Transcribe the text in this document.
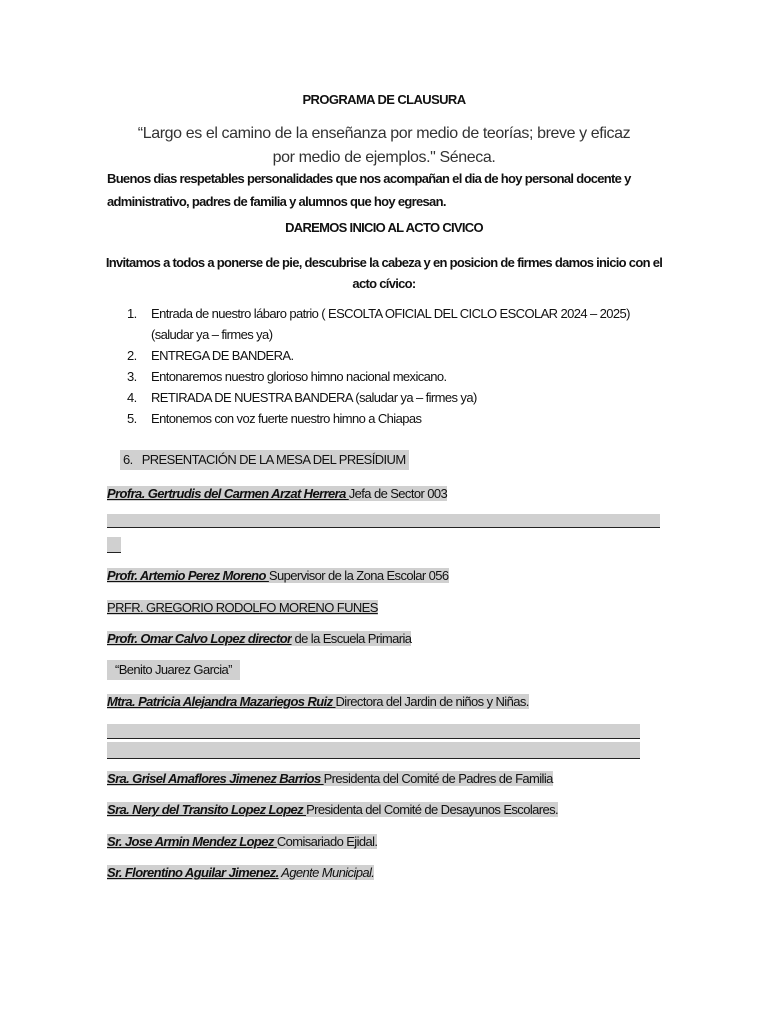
PROGRAMA DE CLAUSURA
“Largo es el camino de la enseñanza por medio de teorías; breve y eficaz
por medio de ejemplos." Séneca.
Buenos dias respetables personalidades que nos acompañan el dia de hoy personal docente y administrativo, padres de familia y alumnos que hoy egresan.
DAREMOS INICIO AL ACTO CIVICO
Invitamos a todos a ponerse de pie, descubrise la cabeza y en posicion de firmes damos inicio con el acto cívico:
1. Entrada de nuestro lábaro patrio ( ESCOLTA OFICIAL DEL CICLO ESCOLAR 2024 – 2025) (saludar ya – firmes ya)
2. ENTREGA DE BANDERA.
3. Entonaremos nuestro glorioso himno nacional mexicano.
4. RETIRADA DE NUESTRA BANDERA (saludar ya – firmes ya)
5. Entonemos con voz fuerte nuestro himno a Chiapas
6. PRESENTACIÓN DE LA MESA DEL PRESÍDIUM
Profra. Gertrudis del Carmen Arzat Herrera Jefa de Sector 003
Profr. Artemio Perez Moreno Supervisor de la Zona Escolar 056
PRFR. GREGORIO RODOLFO MORENO FUNES
Profr. Omar Calvo Lopez director de la Escuela Primaria
“Benito Juarez Garcia”
Mtra. Patricia Alejandra Mazariegos Ruiz Directora del Jardin de niños y Niñas.
Sra. Grisel Amaflores Jimenez Barrios Presidenta del Comité de Padres de Familia
Sra. Nery del Transito Lopez Lopez Presidenta del Comité de Desayunos Escolares.
Sr. Jose Armin Mendez Lopez Comisariado Ejidal.
Sr. Florentino Aguilar Jimenez. Agente Municipal.
